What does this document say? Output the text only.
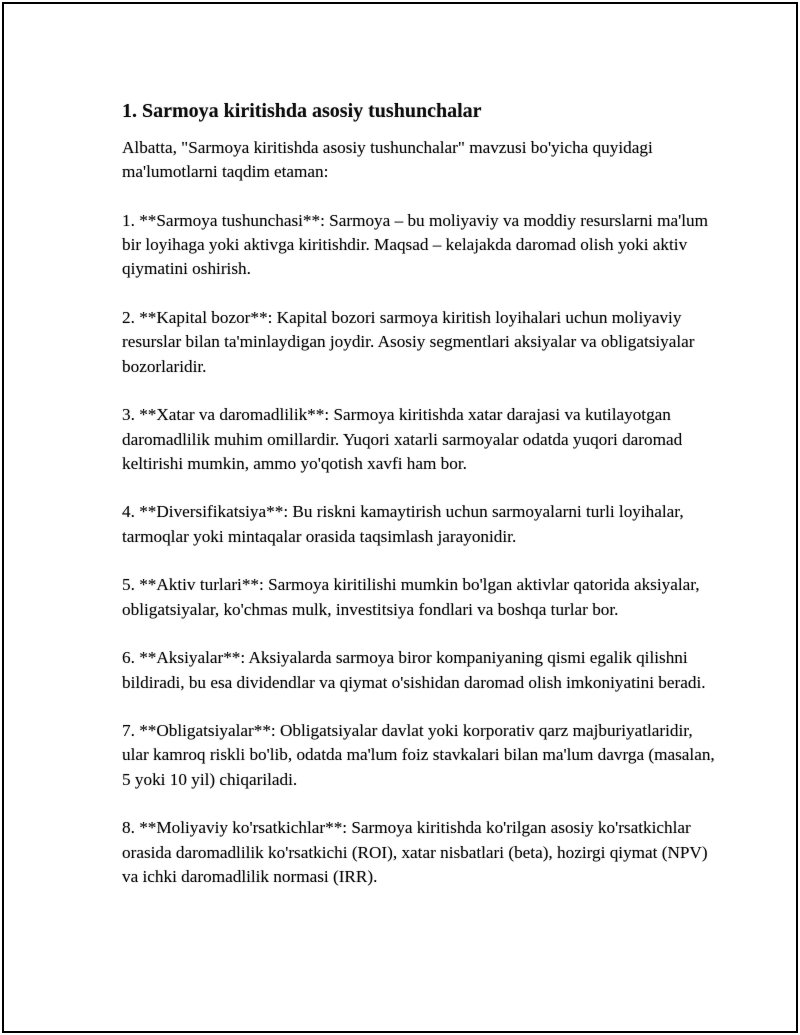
1. Sarmoya kiritishda asosiy tushunchalar
Albatta, "Sarmoya kiritishda asosiy tushunchalar" mavzusi bo'yicha quyidagi ma'lumotlarni taqdim etaman:
1. **Sarmoya tushunchasi**: Sarmoya – bu moliyaviy va moddiy resurslarni ma'lum bir loyihaga yoki aktivga kiritishdir. Maqsad – kelajakda daromad olish yoki aktiv qiymatini oshirish.
2. **Kapital bozor**: Kapital bozori sarmoya kiritish loyihalari uchun moliyaviy resurslar bilan ta'minlaydigan joydir. Asosiy segmentlari aksiyalar va obligatsiyalar bozorlaridir.
3. **Xatar va daromadlilik**: Sarmoya kiritishda xatar darajasi va kutilayotgan daromadlilik muhim omillardir. Yuqori xatarli sarmoyalar odatda yuqori daromad keltirishi mumkin, ammo yo'qotish xavfi ham bor.
4. **Diversifikatsiya**: Bu riskni kamaytirish uchun sarmoyalarni turli loyihalar, tarmoqlar yoki mintaqalar orasida taqsimlash jarayonidir.
5. **Aktiv turlari**: Sarmoya kiritilishi mumkin bo'lgan aktivlar qatorida aksiyalar, obligatsiyalar, ko'chmas mulk, investitsiya fondlari va boshqa turlar bor.
6. **Aksiyalar**: Aksiyalarda sarmoya biror kompaniyaning qismi egalik qilishni bildiradi, bu esa dividendlar va qiymat o'sishidan daromad olish imkoniyatini beradi.
7. **Obligatsiyalar**: Obligatsiyalar davlat yoki korporativ qarz majburiyatlaridir, ular kamroq riskli bo'lib, odatda ma'lum foiz stavkalari bilan ma'lum davrga (masalan, 5 yoki 10 yil) chiqariladi.
8. **Moliyaviy ko'rsatkichlar**: Sarmoya kiritishda ko'rilgan asosiy ko'rsatkichlar orasida daromadlilik ko'rsatkichi (ROI), xatar nisbatlari (beta), hozirgi qiymat (NPV) va ichki daromadlilik normasi (IRR).
